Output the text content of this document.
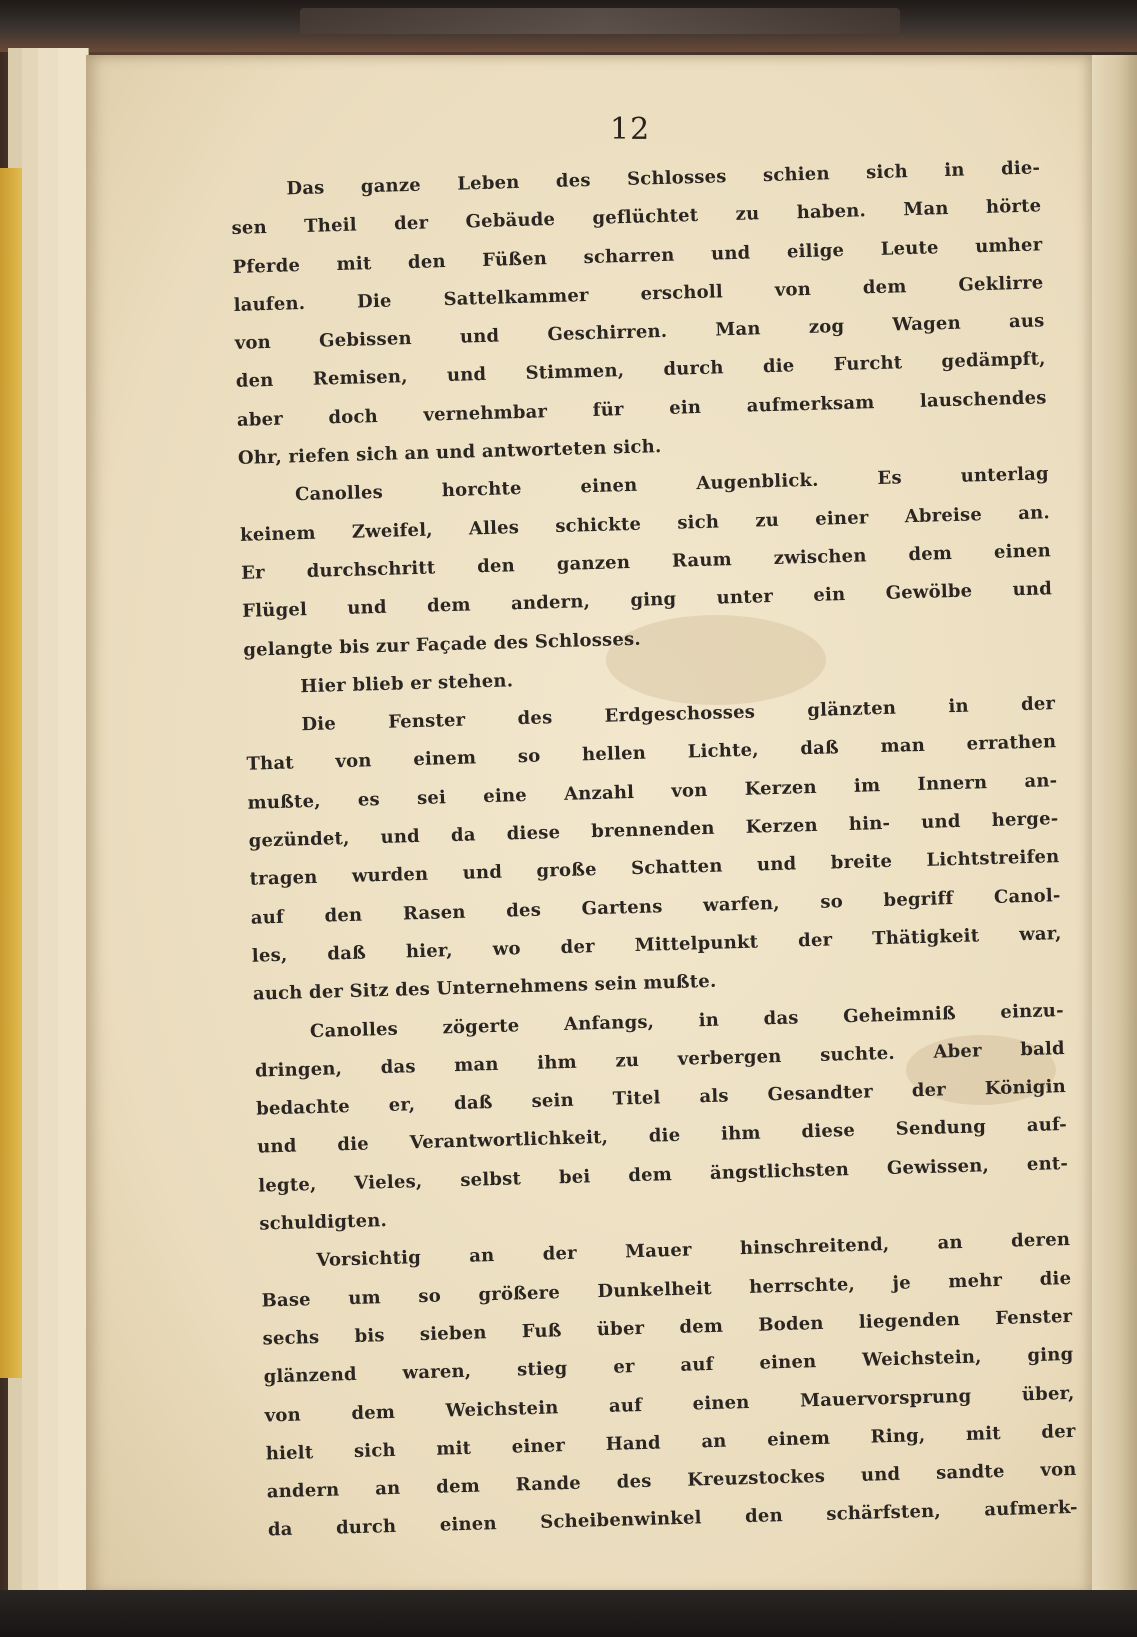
12
Das ganze Leben des Schlosses schien sich in die-
sen Theil der Gebäude geflüchtet zu haben. Man hörte
Pferde mit den Füßen scharren und eilige Leute umher
laufen. Die Sattelkammer erscholl von dem Geklirre
von Gebissen und Geschirren. Man zog Wagen aus
den Remisen, und Stimmen, durch die Furcht gedämpft,
aber doch vernehmbar für ein aufmerksam lauschendes
Ohr, riefen sich an und antworteten sich.
Canolles horchte einen Augenblick. Es unterlag
keinem Zweifel, Alles schickte sich zu einer Abreise an.
Er durchschritt den ganzen Raum zwischen dem einen
Flügel und dem andern, ging unter ein Gewölbe und
gelangte bis zur Façade des Schlosses.
Hier blieb er stehen.
Die Fenster des Erdgeschosses glänzten in der
That von einem so hellen Lichte, daß man errathen
mußte, es sei eine Anzahl von Kerzen im Innern an-
gezündet, und da diese brennenden Kerzen hin- und herge-
tragen wurden und große Schatten und breite Lichtstreifen
auf den Rasen des Gartens warfen, so begriff Canol-
les, daß hier, wo der Mittelpunkt der Thätigkeit war,
auch der Sitz des Unternehmens sein mußte.
Canolles zögerte Anfangs, in das Geheimniß einzu-
dringen, das man ihm zu verbergen suchte. Aber bald
bedachte er, daß sein Titel als Gesandter der Königin
und die Verantwortlichkeit, die ihm diese Sendung auf-
legte, Vieles, selbst bei dem ängstlichsten Gewissen, ent-
schuldigten.
Vorsichtig an der Mauer hinschreitend, an deren
Base um so größere Dunkelheit herrschte, je mehr die
sechs bis sieben Fuß über dem Boden liegenden Fenster
glänzend waren, stieg er auf einen Weichstein, ging
von dem Weichstein auf einen Mauervorsprung über,
hielt sich mit einer Hand an einem Ring, mit der
andern an dem Rande des Kreuzstockes und sandte von
da durch einen Scheibenwinkel den schärfsten, aufmerk-
